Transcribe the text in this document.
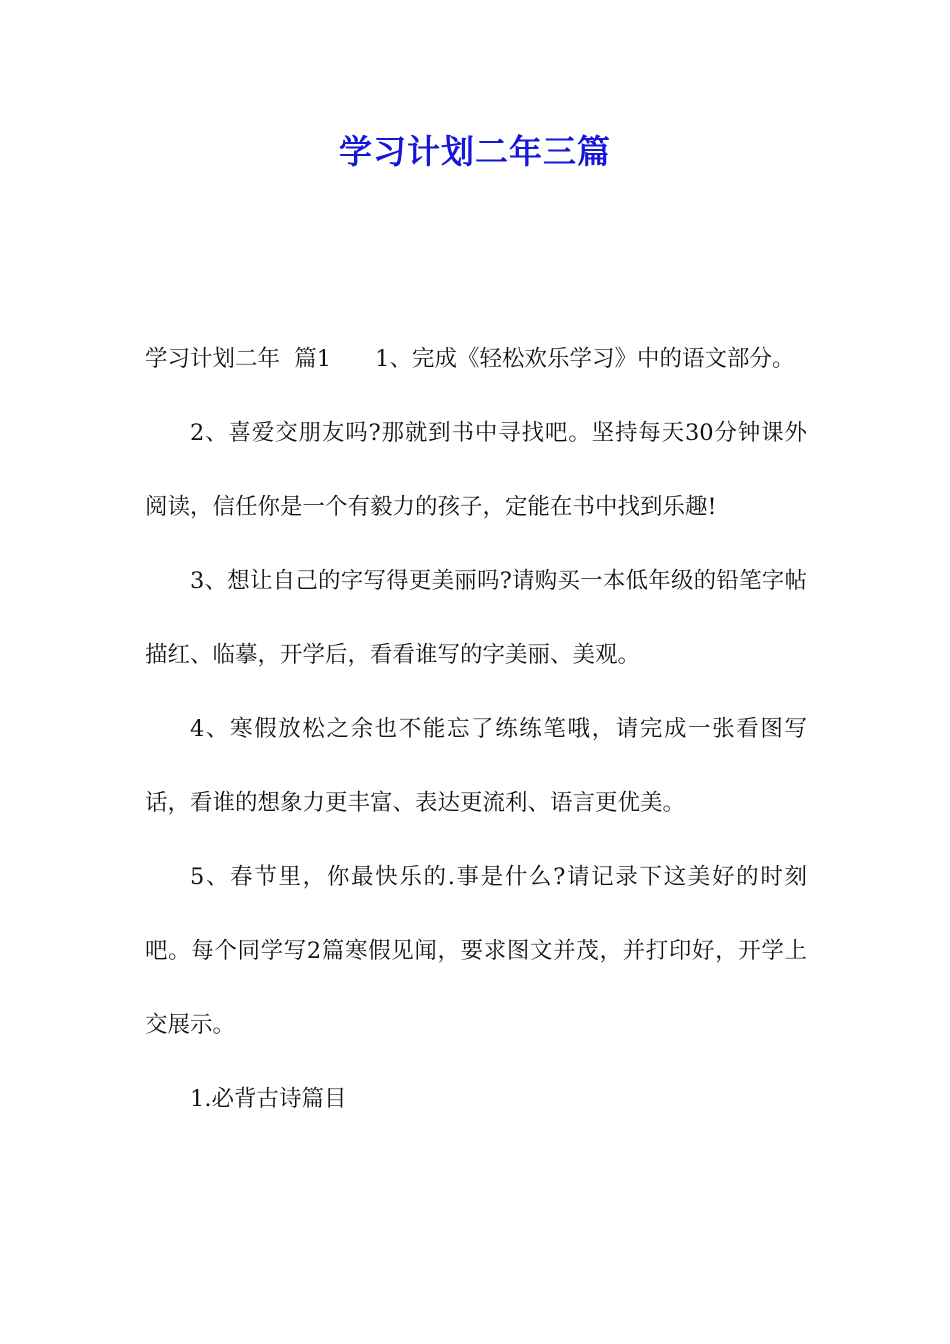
学习计划二年三篇

学习计划二年  篇1 1、完成《轻松欢乐学习》中的语文部分。

2、喜爱交朋友吗?那就到书中寻找吧。坚持每天30分钟课外阅读，信任你是一个有毅力的孩子，定能在书中找到乐趣!

3、想让自己的字写得更美丽吗?请购买一本低年级的铅笔字帖描红、临摹，开学后，看看谁写的字美丽、美观。

4、寒假放松之余也不能忘了练练笔哦，请完成一张看图写话，看谁的想象力更丰富、表达更流利、语言更优美。

5、春节里，你最快乐的.事是什么?请记录下这美好的时刻吧。每个同学写2篇寒假见闻，要求图文并茂，并打印好，开学上交展示。

1.必背古诗篇目
